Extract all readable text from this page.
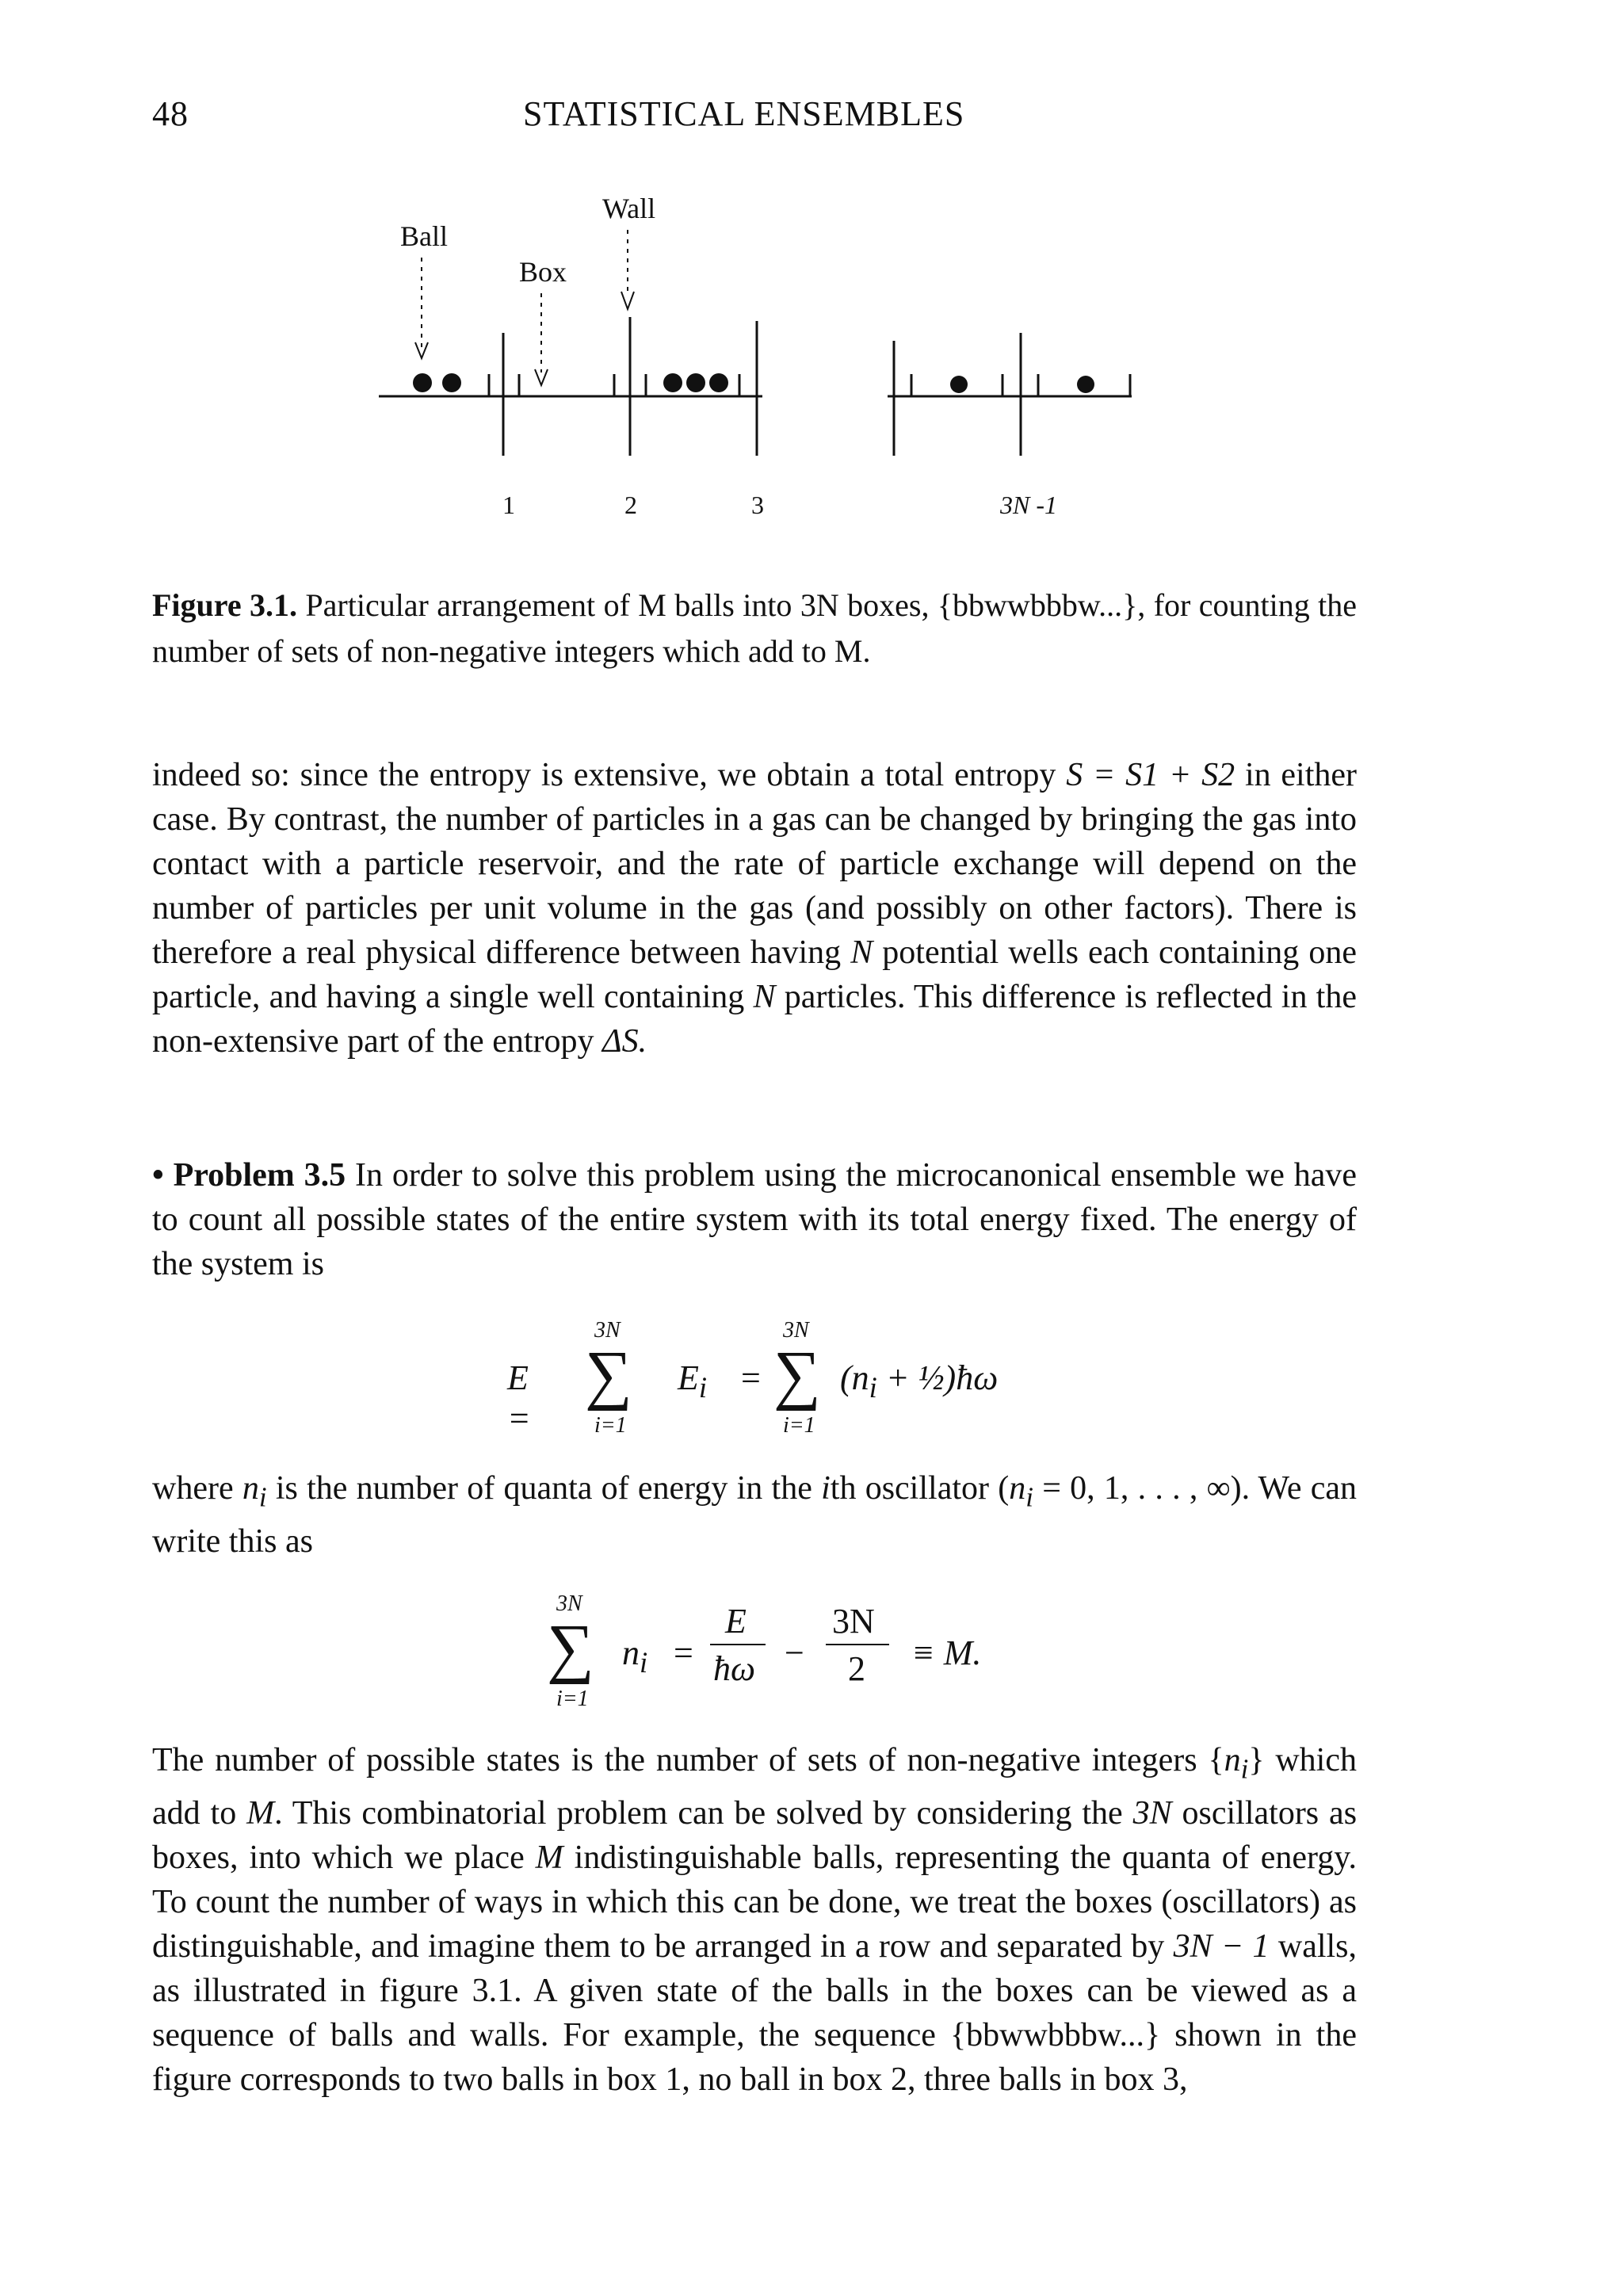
48	STATISTICAL ENSEMBLES
Ball
Box
Wall
1	2	3	3N -1
Figure 3.1. Particular arrangement of M balls into 3N boxes, {bbwwbbbw...}, for counting the number of sets of non-negative integers which add to M.

indeed so: since the entropy is extensive, we obtain a total entropy S = S1 + S2 in either case. By contrast, the number of particles in a gas can be changed by bringing the gas into contact with a particle reservoir, and the rate of particle exchange will depend on the number of particles per unit volume in the gas (and possibly on other factors). There is therefore a real physical difference between having N potential wells each containing one particle, and having a single well containing N particles. This difference is reflected in the non-extensive part of the entropy ΔS.

• Problem 3.5 In order to solve this problem using the microcanonical ensemble we have to count all possible states of the entire system with its total energy fixed. The energy of the system is

E =
3N
∑
i=1
$E_i$ =
3N
∑
i=1
($n_i$ + ½)ħω

where $n_i$ is the number of quanta of energy in the ith oscillator ($n_i = 0$, 1, . . . , ∞). We can write this as

3N
∑
i=1
$n_i$ =
E
ħω −
3N
2 ≡ M.

The number of possible states is the number of sets of non-negative integers $\{n_i\}$ which add to M. This combinatorial problem can be solved by considering the 3N oscillators as boxes, into which we place M indistinguishable balls, representing the quanta of energy. To count the number of ways in which this can be done, we treat the boxes (oscillators) as distinguishable, and imagine them to be arranged in a row and separated by 3N − 1 walls, as illustrated in figure 3.1. A given state of the balls in the boxes can be viewed as a sequence of balls and walls. For example, the sequence {bbwwbbbw...} shown in the figure corresponds to two balls in box 1, no ball in box 2, three balls in box 3,
